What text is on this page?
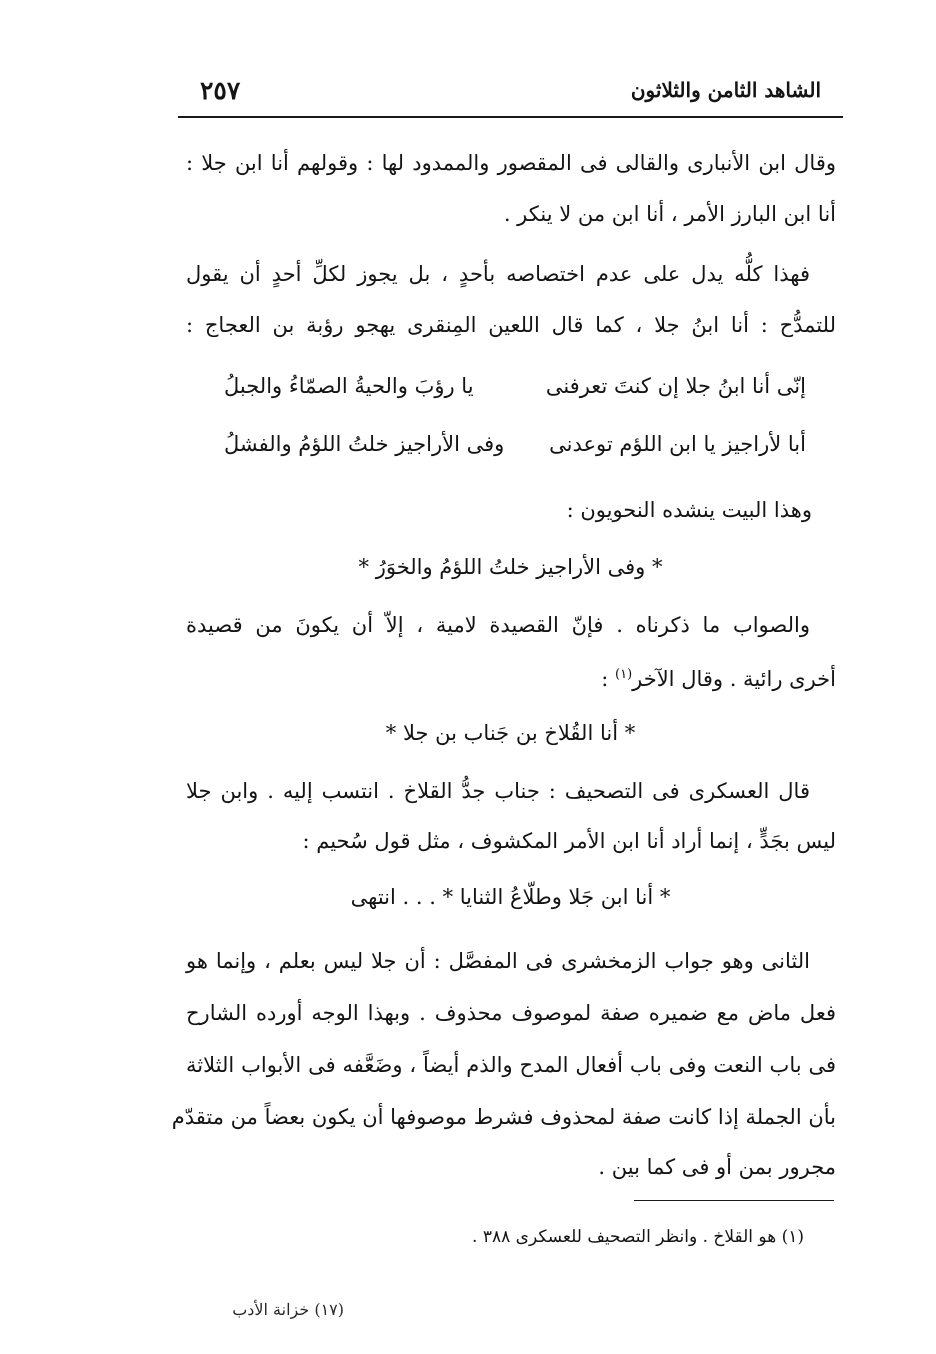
٢٥٧	الشاهد الثامن والثلاثون
وقال ابن الأنبارى والقالى فى المقصور والممدود لها : وقولهم أنا ابن جلا :
أنا ابن البارز الأمر ، أنا ابن من لا ينكر .
فهذا كلُّه يدل على عدم اختصاصه بأحدٍ ، بل يجوز لكلِّ أحدٍ أن يقول
للتمدُّح : أنا ابنُ جلا ، كما قال اللعين المِنقرى يهجو رؤبة بن العجاج :
إنّى أنا ابنُ جلا إن كنتَ تعرفنى
يا رؤبَ والحيةُ الصمّاءُ والجبلُ
أبا لأراجيز يا ابن اللؤم توعدنى
وفى الأراجيز خلتُ اللؤمُ والفشلُ
وهذا البيت ينشده النحويون :
* وفى الأراجيز خلتُ اللؤمُ والخوَرُ *
والصواب ما ذكرناه . فإنّ القصيدة لامية ، إلاّ أن يكونَ من قصيدة
أخرى رائية . وقال الآخر$^{(١)}$ :
* أنا القُلاخ بن جَناب بن جلا *
قال العسكرى فى التصحيف : جناب جدُّ القلاخ . انتسب إليه . وابن جلا
ليس بجَدٍّ ، إنما أراد أنا ابن الأمر المكشوف ، مثل قول سُحيم :
* أنا ابن جَلا وطلّاعُ الثنايا * . . . انتهى
الثانى وهو جواب الزمخشرى فى المفصَّل : أن جلا ليس بعلم ، وإنما هو
فعل ماض مع ضميره صفة لموصوف محذوف . وبهذا الوجه أورده الشارح
فى باب النعت وفى باب أفعال المدح والذم أيضاً ، وضَعَّفه فى الأبواب الثلاثة
بأن الجملة إذا كانت صفة لمحذوف فشرط موصوفها أن يكون بعضاً من متقدّم
مجرور بمن أو فى كما بين .
(١) هو القلاخ . وانظر التصحيف للعسكرى ٣٨٨ .
(١٧) خزانة الأدب
